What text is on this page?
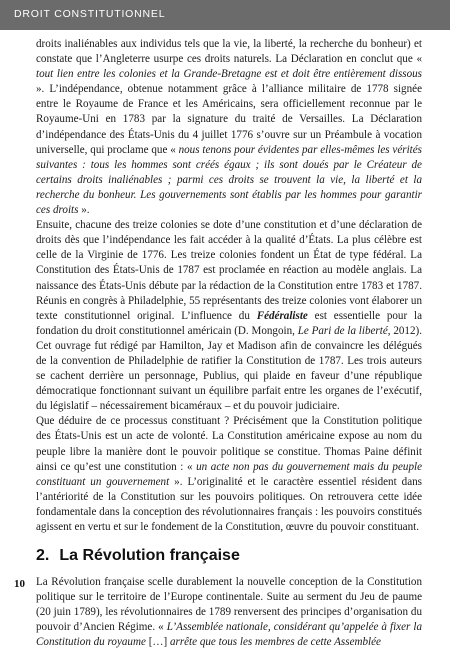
DROIT CONSTITUTIONNEL

droits inaliénables aux individus tels que la vie, la liberté, la recherche du bonheur) et constate que l’Angleterre usurpe ces droits naturels. La Déclaration en conclut que « tout lien entre les colonies et la Grande-Bretagne est et doit être entièrement dissous ». L’indépendance, obtenue notamment grâce à l’alliance militaire de 1778 signée entre le Royaume de France et les Américains, sera officiellement reconnue par le Royaume-Uni en 1783 par la signature du traité de Versailles. La Déclaration d’indépendance des États-Unis du 4 juillet 1776 s’ouvre sur un Préambule à vocation universelle, qui proclame que « nous tenons pour évidentes par elles-mêmes les vérités suivantes : tous les hommes sont créés égaux ; ils sont doués par le Créateur de certains droits inaliénables ; parmi ces droits se trouvent la vie, la liberté et la recherche du bonheur. Les gouvernements sont établis par les hommes pour garantir ces droits ».

Ensuite, chacune des treize colonies se dote d’une constitution et d’une déclaration de droits dès que l’indépendance les fait accéder à la qualité d’États. La plus célèbre est celle de la Virginie de 1776. Les treize colonies fondent un État de type fédéral. La Constitution des États-Unis de 1787 est proclamée en réaction au modèle anglais. La naissance des États-Unis débute par la rédaction de la Constitution entre 1783 et 1787. Réunis en congrès à Philadelphie, 55 représentants des treize colonies vont élaborer un texte constitutionnel original. L’influence du Fédéraliste est essentielle pour la fondation du droit constitutionnel américain (D. Mongoin, Le Pari de la liberté, 2012). Cet ouvrage fut rédigé par Hamilton, Jay et Madison afin de convaincre les délégués de la convention de Philadelphie de ratifier la Constitution de 1787. Les trois auteurs se cachent derrière un personnage, Publius, qui plaide en faveur d’une république démocratique fonctionnant suivant un équilibre parfait entre les organes de l’exécutif, du législatif – nécessairement bicaméraux – et du pouvoir judiciaire.

Que déduire de ce processus constituant ? Précisément que la Constitution politique des États-Unis est un acte de volonté. La Constitution américaine expose au nom du peuple libre la manière dont le pouvoir politique se constitue. Thomas Paine définit ainsi ce qu’est une constitution : « un acte non pas du gouvernement mais du peuple constituant un gouvernement ». L’originalité et le caractère essentiel résident dans l’antériorité de la Constitution sur les pouvoirs politiques. On retrouvera cette idée fondamentale dans la conception des révolutionnaires français : les pouvoirs constitués agissent en vertu et sur le fondement de la Constitution, œuvre du pouvoir constituant.

2. La Révolution française

La Révolution française scelle durablement la nouvelle conception de la Constitution politique sur le territoire de l’Europe continentale. Suite au serment du Jeu de paume (20 juin 1789), les révolutionnaires de 1789 renversent des principes d’organisation du pouvoir d’Ancien Régime. « L’Assemblée nationale, considérant qu’appelée à fixer la Constitution du royaume […] arrête que tous les membres de cette Assemblée

10
